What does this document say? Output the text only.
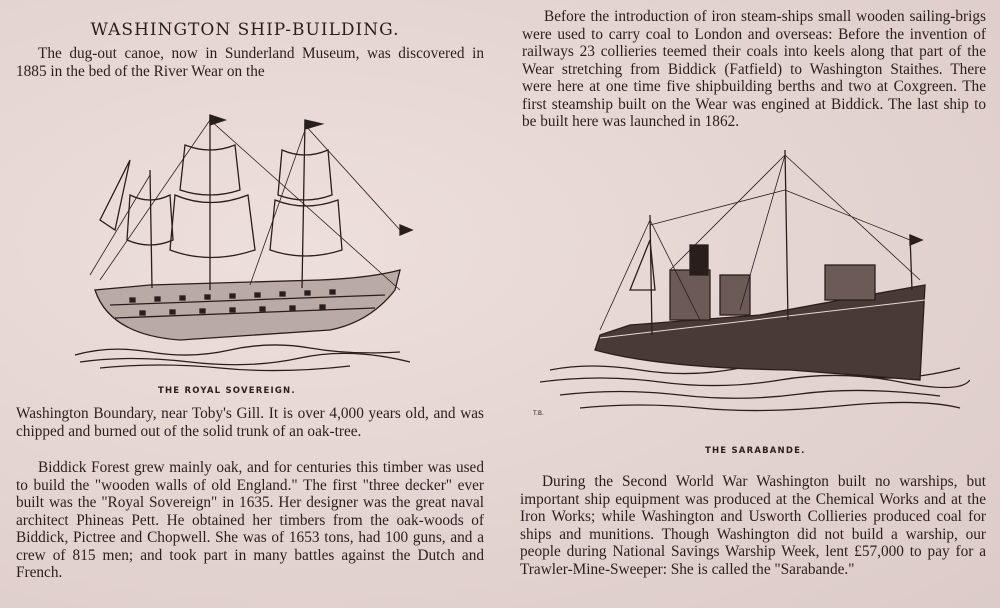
WASHINGTON SHIP-BUILDING.

The dug-out canoe, now in Sunderland Museum, was discovered in 1885 in the bed of the River Wear on the

THE ROYAL SOVEREIGN.

Washington Boundary, near Toby's Gill. It is over 4,000 years old, and was chipped and burned out of the solid trunk of an oak-tree.

Biddick Forest grew mainly oak, and for centuries this timber was used to build the "wooden walls of old England." The first "three decker" ever built was the "Royal Sovereign" in 1635. Her designer was the great naval architect Phineas Pett. He obtained her timbers from the oak-woods of Biddick, Pictree and Chopwell. She was of 1653 tons, had 100 guns, and a crew of 815 men; and took part in many battles against the Dutch and French.

Before the introduction of iron steam-ships small wooden sailing-brigs were used to carry coal to London and overseas: Before the invention of railways 23 collieries teemed their coals into keels along that part of the Wear stretching from Biddick (Fatfield) to Washington Staithes. There were here at one time five shipbuilding berths and two at Coxgreen. The first steamship built on the Wear was engined at Biddick. The last ship to be built here was launched in 1862.

T.B.
THE SARABANDE.

During the Second World War Washington built no warships, but important ship equipment was produced at the Chemical Works and at the Iron Works; while Washington and Usworth Collieries produced coal for ships and munitions. Though Washington did not build a warship, our people during National Savings Warship Week, lent £57,000 to pay for a Trawler-Mine-Sweeper: She is called the "Sarabande."
